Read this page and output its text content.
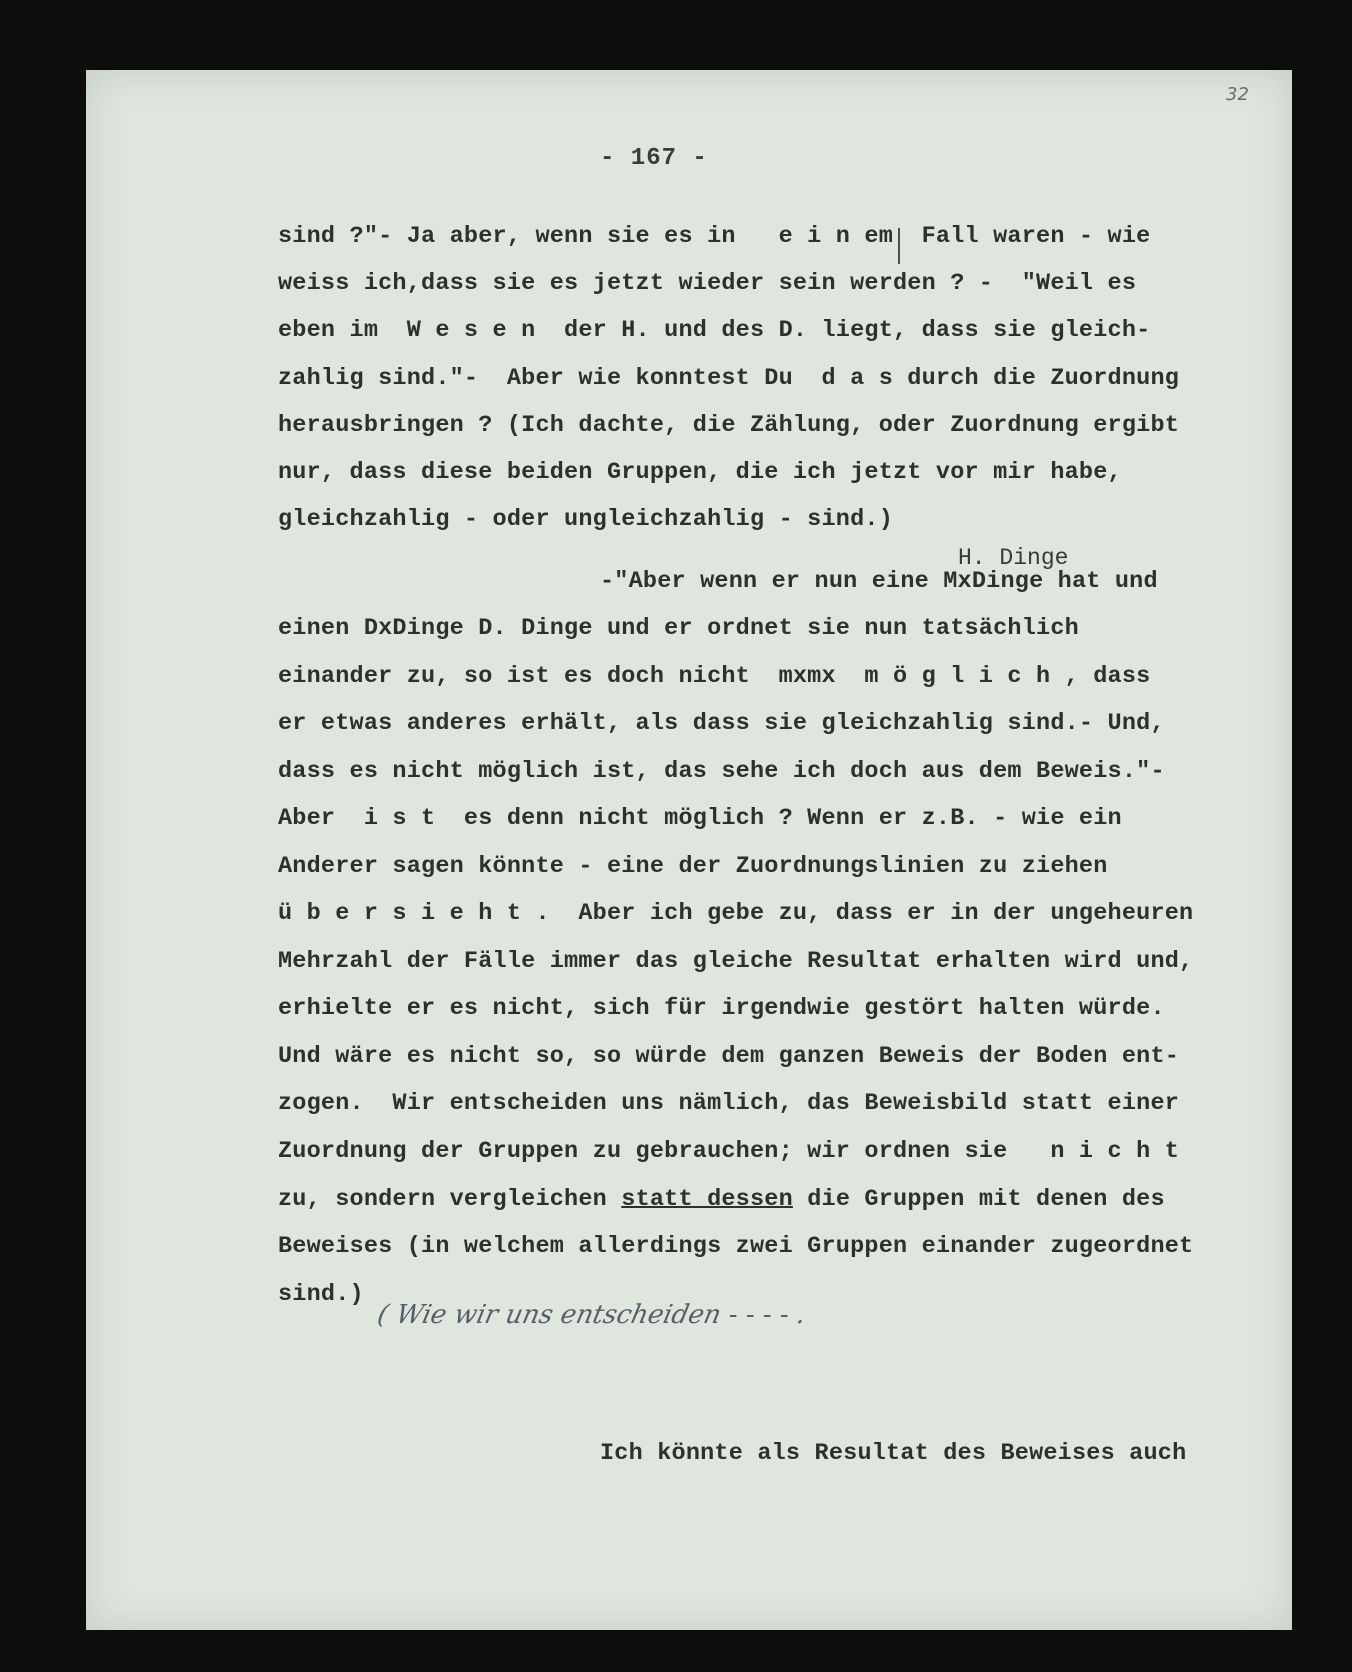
32
- 167 -
sind ?"- Ja aber, wenn sie es in   e i n em  Fall waren - wie
weiss ich,dass sie es jetzt wieder sein werden ? -  "Weil es
eben im  W e s e n  der H. und des D. liegt, dass sie gleich-
zahlig sind."-  Aber wie konntest Du  d a s durch die Zuordnung
herausbringen ? (Ich dachte, die Zählung, oder Zuordnung ergibt
nur, dass diese beiden Gruppen, die ich jetzt vor mir habe,
gleichzahlig - oder ungleichzahlig - sind.)
H. Dinge
-"Aber wenn er nun eine MxDinge hat und
einen DxDinge D. Dinge und er ordnet sie nun tatsächlich
einander zu, so ist es doch nicht  mxmx  m ö g l i c h , dass
er etwas anderes erhält, als dass sie gleichzahlig sind.- Und,
dass es nicht möglich ist, das sehe ich doch aus dem Beweis."-
Aber  i s t  es denn nicht möglich ? Wenn er z.B. - wie ein
Anderer sagen könnte - eine der Zuordnungslinien zu ziehen
ü b e r s i e h t .  Aber ich gebe zu, dass er in der ungeheuren
Mehrzahl der Fälle immer das gleiche Resultat erhalten wird und,
erhielte er es nicht, sich für irgendwie gestört halten würde.
Und wäre es nicht so, so würde dem ganzen Beweis der Boden ent-
zogen.  Wir entscheiden uns nämlich, das Beweisbild statt einer
Zuordnung der Gruppen zu gebrauchen; wir ordnen sie   n i c h t
zu, sondern vergleichen statt dessen die Gruppen mit denen des
Beweises (in welchem allerdings zwei Gruppen einander zugeordnet
sind.)
( Wie wir uns entscheiden - - - - .
Ich könnte als Resultat des Beweises auch
